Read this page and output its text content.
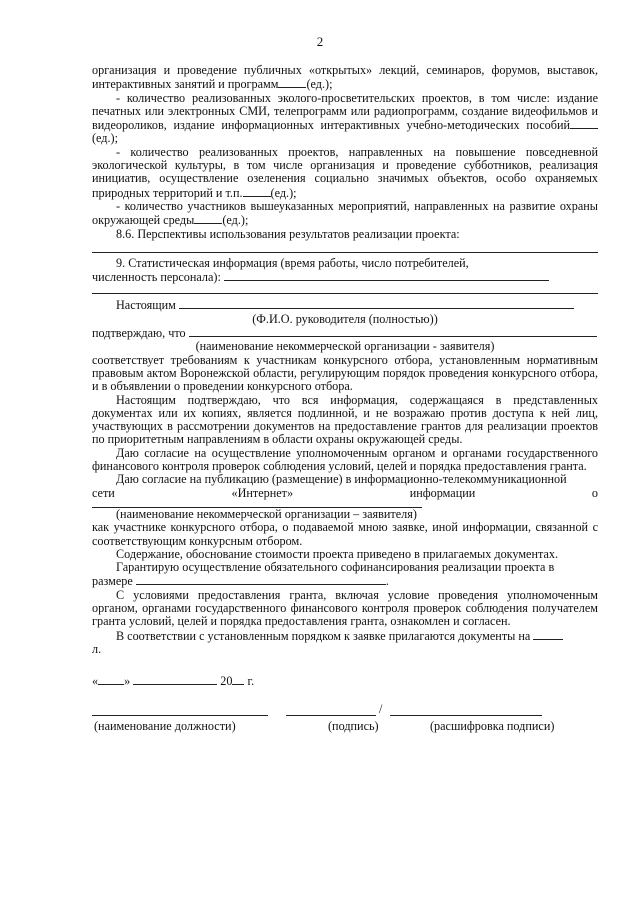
2

организация и проведение публичных «открытых» лекций, семинаров, форумов, выставок, интерактивных занятий и программ (ед.);

- количество реализованных эколого-просветительских проектов, в том числе: издание печатных или электронных СМИ, телепрограмм или радиопрограмм, создание видеофильмов и видеороликов, издание информационных интерактивных учебно-методических пособий(ед.);

- количество реализованных проектов, направленных на повышение повседневной экологической культуры, в том числе организация и проведение субботников, реализация инициатив, осуществление озеленения социально значимых объектов, особо охраняемых природных территорий и т.п. (ед.);

- количество участников вышеуказанных мероприятий, направленных на развитие охраны окружающей среды (ед.);

8.6. Перспективы использования результатов реализации проекта:

9. Статистическая информация (время работы, число потребителей,

численность персонала):

Настоящим

(Ф.И.О. руководителя (полностью))

подтверждаю, что

(наименование некоммерческой организации - заявителя)

соответствует требованиям к участникам конкурсного отбора, установленным нормативным правовым актом Воронежской области, регулирующим порядок проведения конкурсного отбора, и в объявлении о проведении конкурсного отбора.

Настоящим подтверждаю, что вся информация, содержащаяся в представленных документах или их копиях, является подлинной, и не возражаю против доступа к ней лиц, участвующих в рассмотрении документов на предоставление грантов для реализации проектов по приоритетным направлениям в области охраны окружающей среды.

Даю согласие на осуществление уполномоченным органом и органами государственного финансового контроля проверок соблюдения условий, целей и порядка предоставления гранта.

Даю согласие на публикацию (размещение) в информационно-телекоммуникационной

сети	«Интернет»	информации	о

(наименование некоммерческой организации – заявителя)

как участнике конкурсного отбора, о подаваемой мною заявке, иной информации, связанной с соответствующим конкурсным отбором.

Содержание, обоснование стоимости проекта приведено в прилагаемых документах.

Гарантирую осуществление обязательного софинансирования реализации проекта в

размере	.

С условиями предоставления гранта, включая условие проведения уполномоченным органом, органами государственного финансового контроля проверок соблюдения получателем гранта условий, целей и порядка предоставления гранта, ознакомлен и согласен.

В соответствии с установленным порядком к заявке прилагаются документы на

л.

« »	20 г.

/
(наименование должности)	(подпись)	(расшифровка подписи)
